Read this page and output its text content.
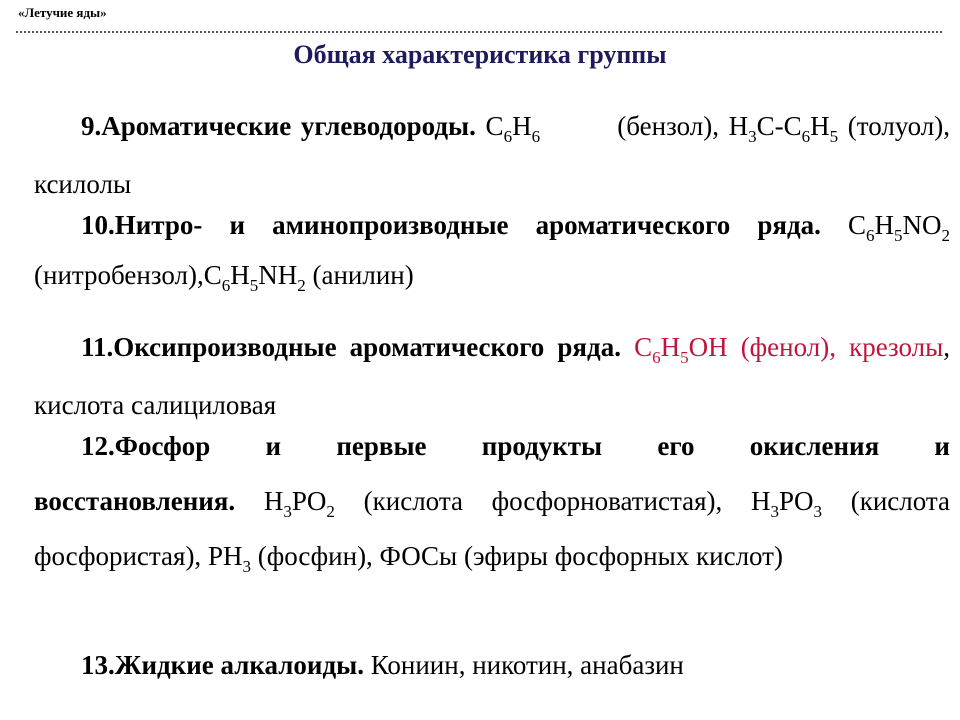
«Летучие яды»
Общая характеристика группы
9.Ароматические углеводороды. $C_6H_6$	(бензол), $H_3C-C_6H_5$ (толуол), ксилолы
10.Нитро- и аминопроизводные ароматического ряда. $C_6H_5NO_2$ $(нитробензол),C_6H_5NH_2$ (анилин)
11.Оксипроизводные ароматического ряда. $C_6H_5OH$ (фенол), крезолы, кислота салициловая
12.Фосфор и первые продукты его окисления и
восстановления. $H_3PO_2$ (кислота фосфорноватистая), $H_3PO_3$ (кислота фосфористая), $PH_3$ (фосфин), ФОСы (эфиры фосфорных кислот)
13.Жидкие алкалоиды. Кониин, никотин, анабазин
